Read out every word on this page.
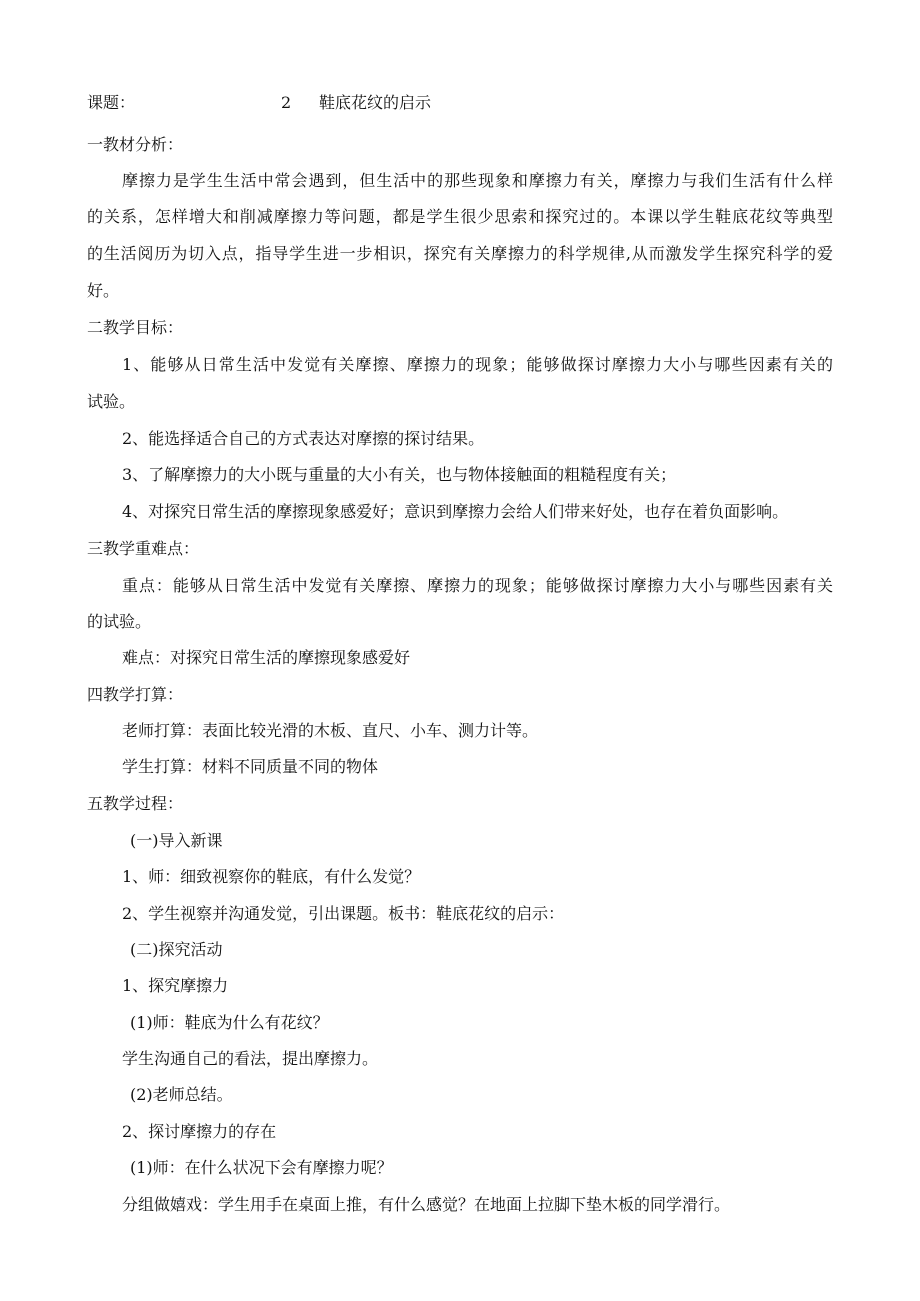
课题：	2 鞋底花纹的启示
一教材分析：
摩擦力是学生生活中常会遇到，但生活中的那些现象和摩擦力有关，摩擦力与我们生活有什么样
的关系，怎样增大和削减摩擦力等问题，都是学生很少思索和探究过的。本课以学生鞋底花纹等典型
的生活阅历为切入点，指导学生进一步相识，探究有关摩擦力的科学规律,从而激发学生探究科学的爱
好。
二教学目标：
1、能够从日常生活中发觉有关摩擦、摩擦力的现象；能够做探讨摩擦力大小与哪些因素有关的
试验。
2、能选择适合自己的方式表达对摩擦的探讨结果。
3、了解摩擦力的大小既与重量的大小有关，也与物体接触面的粗糙程度有关；
4、对探究日常生活的摩擦现象感爱好；意识到摩擦力会给人们带来好处，也存在着负面影响。
三教学重难点：
重点：能够从日常生活中发觉有关摩擦、摩擦力的现象；能够做探讨摩擦力大小与哪些因素有关
的试验。
难点：对探究日常生活的摩擦现象感爱好
四教学打算：
老师打算：表面比较光滑的木板、直尺、小车、测力计等。
学生打算：材料不同质量不同的物体
五教学过程：
(一)导入新课
1、师：细致视察你的鞋底，有什么发觉？
2、学生视察并沟通发觉，引出课题。板书：鞋底花纹的启示：
(二)探究活动
1、探究摩擦力
(1)师：鞋底为什么有花纹？
学生沟通自己的看法，提出摩擦力。
(2)老师总结。
2、探讨摩擦力的存在
(1)师：在什么状况下会有摩擦力呢？
分组做嬉戏：学生用手在桌面上推，有什么感觉？在地面上拉脚下垫木板的同学滑行。
